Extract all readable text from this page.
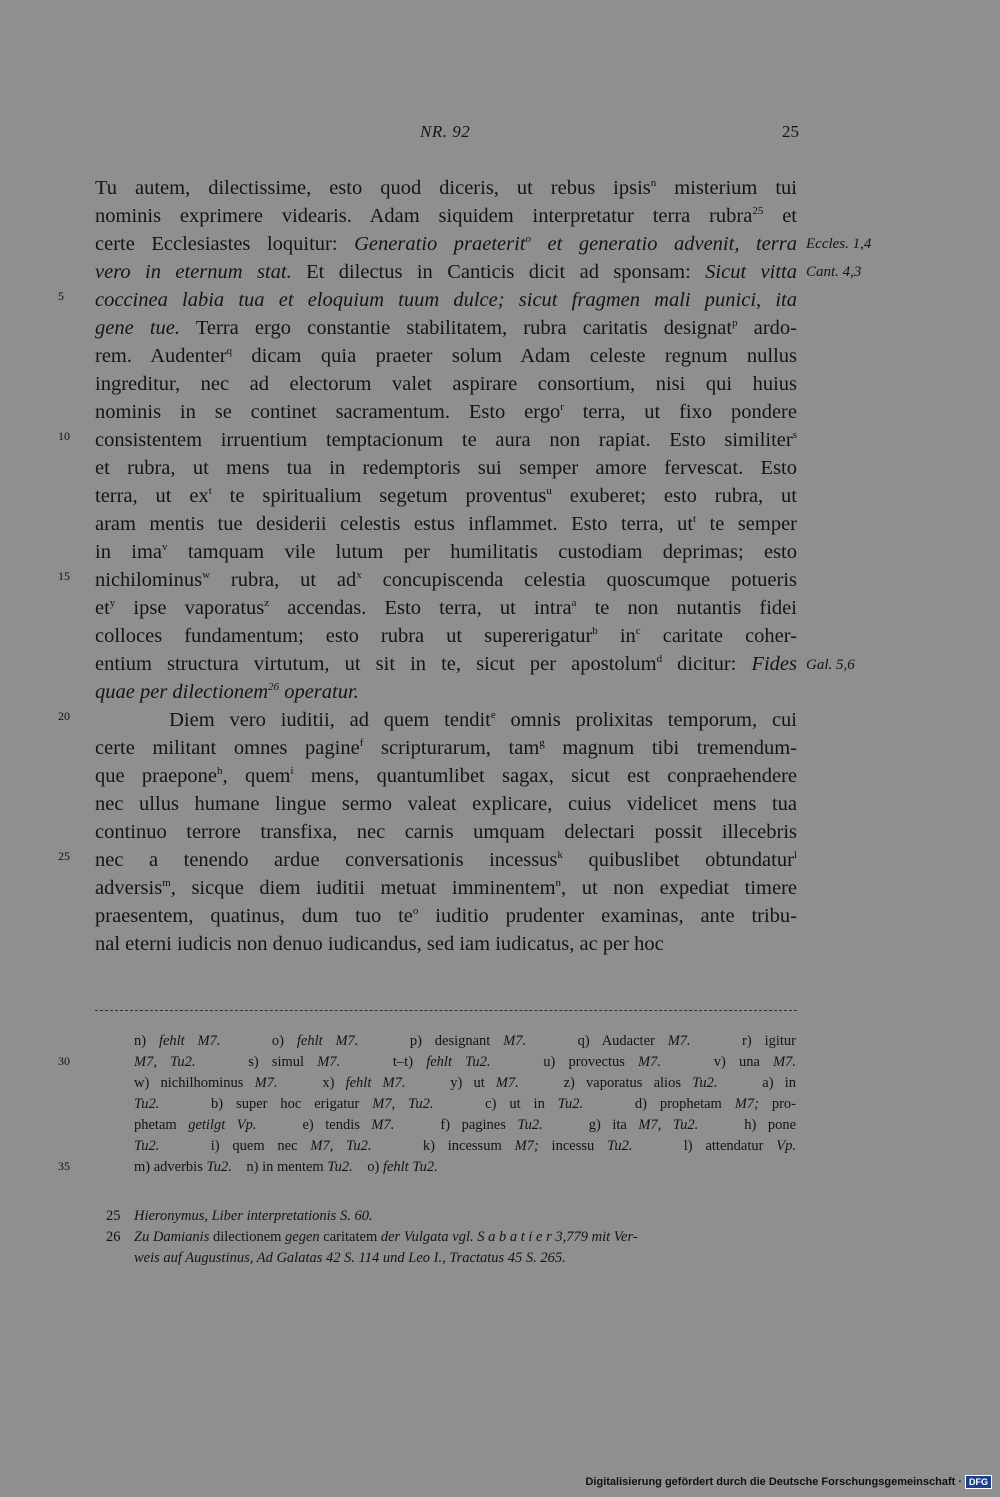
NR. 92	25
Tu autem, dilectissime, esto quod diceris, ut rebus ipsis$^n$ misterium tui
nominis exprimere videaris. Adam siquidem interpretatur terra rubra$^{25}$ et
certe Ecclesiastes loquitur: Generatio praeterit$^o$ et generatio advenit, terra
vero in eternum stat. Et dilectus in Canticis dicit ad sponsam: Sicut vitta
coccinea labia tua et eloquium tuum dulce; sicut fragmen mali punici, ita
gene tue. Terra ergo constantie stabilitatem, rubra caritatis designat$^p$ ardo-
rem. Audenter$^q$ dicam quia praeter solum Adam celeste regnum nullus
ingreditur, nec ad electorum valet aspirare consortium, nisi qui huius
nominis in se continet sacramentum. Esto ergo$^r$ terra, ut fixo pondere
consistentem irruentium temptacionum te aura non rapiat. Esto similiter$^s$
et rubra, ut mens tua in redemptoris sui semper amore fervescat. Esto
terra, ut $ex^t$ te spiritualium segetum proventus$^u$ exuberet; esto rubra, ut
aram mentis tue desiderii celestis estus inflammet. Esto terra, $ut^t$ te semper
in ima$^v$ tamquam vile lutum per humilitatis custodiam deprimas; esto
nichilominus$^w$ rubra, ut $ad^x$ concupiscenda celestia quoscumque potueris
$et^y$ ipse vaporatus$^z$ accendas. Esto terra, ut intra$^a$ te non nutantis fidei
colloces fundamentum; esto rubra ut supererigatur$^b$ $in^c$ caritate coher-
entium structura virtutum, ut sit in te, sicut per apostolum$^d$ dicitur: Fides
quae per dilectionem$^{26}$ operatur.
Diem vero iuditii, ad quem tendit$^e$ omnis prolixitas temporum, cui
certe militant omnes pagine$^f$ scripturarum, tam$^g$ magnum tibi tremendum-
que praepone$^h$, quem$^i$ mens, quantumlibet sagax, sicut est conpraehendere
nec ullus humane lingue sermo valeat explicare, cuius videlicet mens tua
continuo terrore transfixa, nec carnis umquam delectari possit illecebris
nec a tenendo ardue conversationis incessus$^k$ quibuslibet obtundatur$^l$
adversis$^m$, sicque diem iuditii metuat imminentem$^n$, ut non expediat timere
praesentem, quatinus, dum tuo $te^o$ iuditio prudenter examinas, ante tribu-
nal eterni iudicis non denuo iudicandus, sed iam iudicatus, ac per hoc
5
10
15
20
25
30
35
Eccles. 1,4
Cant. 4,3
Gal. 5,6
n) fehlt M7.    o) fehlt M7.    p) designant M7.    q) Audacter M7.    r) igitur
M7, Tu2.    s) simul M7.    t–t) fehlt Tu2.    u) provectus M7.    v) una M7.
w) nichilhominus M7.    x) fehlt M7.    y) ut M7.    z) vaporatus alios Tu2.    a) in
Tu2.    b) super hoc erigatur M7, Tu2.    c) ut in Tu2.    d) prophetam M7; pro-
phetam getilgt Vp.    e) tendis M7.    f) pagines Tu2.    g) ita M7, Tu2.    h) pone
Tu2.    i) quem nec M7, Tu2.    k) incessum M7; incessu Tu2.    l) attendatur Vp.
m) adverbis Tu2.    n) in mentem Tu2.    o) fehlt Tu2.
25 Hieronymus, Liber interpretationis S. 60.
26 Zu Damianis dilectionem gegen caritatem der Vulgata vgl. S a b a t i e r 3,779 mit Ver-
weis auf Augustinus, Ad Galatas 42 S. 114 und Leo I., Tractatus 45 S. 265.
Digitalisierung gefördert durch die Deutsche Forschungsgemeinschaft · DFG
